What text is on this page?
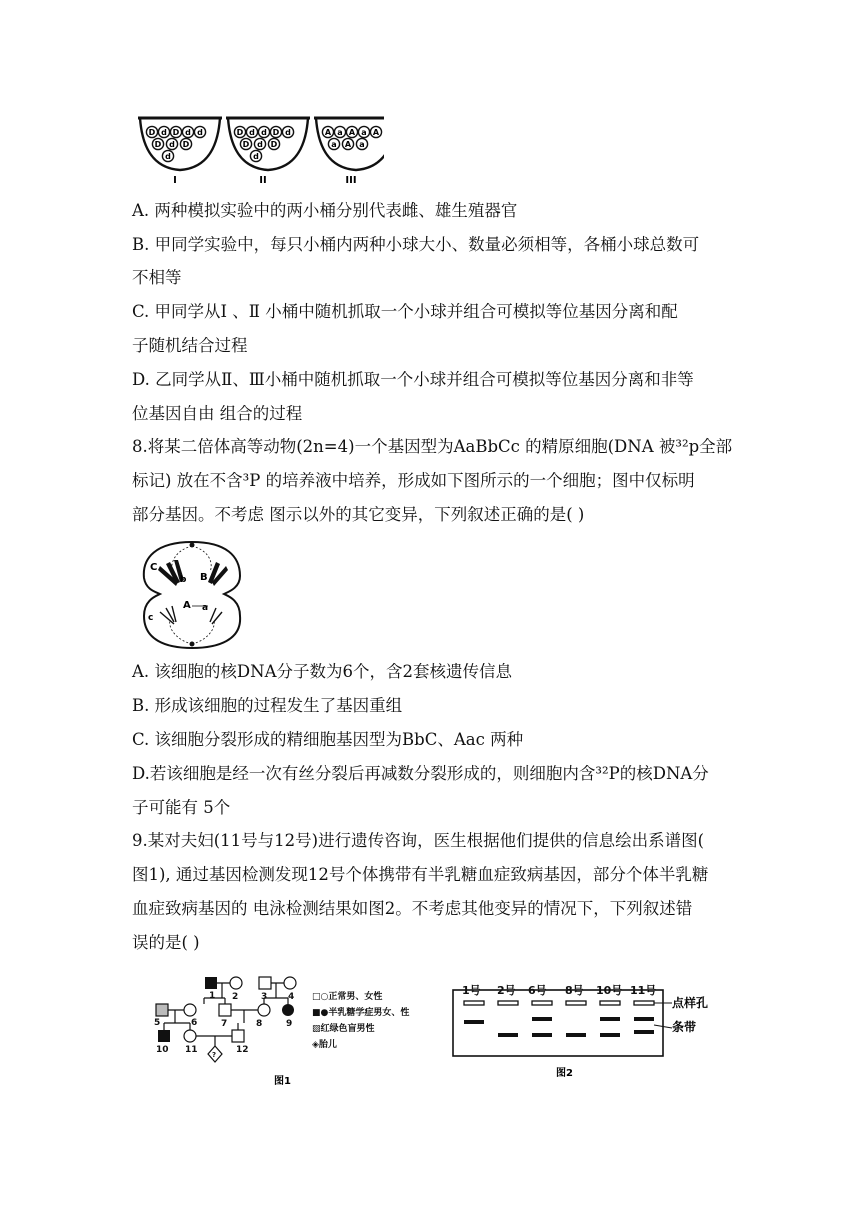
D d D d d
D d D
d
D d d D d
D d D
d
A a A a A
a A a
I	II	III
A. 两种模拟实验中的两小桶分别代表雌、雄生殖器官
B. 甲同学实验中，每只小桶内两种小球大小、数量必须相等，各桶小球总数可
不相等
C. 甲同学从Ⅰ 、Ⅱ 小桶中随机抓取一个小球并组合可模拟等位基因分离和配
子随机结合过程
D. 乙同学从Ⅱ、Ⅲ小桶中随机抓取一个小球并组合可模拟等位基因分离和非等
位基因自由 组合的过程
8.将某二倍体高等动物(2n=4)一个基因型为AaBbCc 的精原细胞(DNA 被³²p全部
标记) 放在不含³P 的培养液中培养，形成如下图所示的一个细胞；图中仅标明
部分基因。不考虑 图示以外的其它变异，下列叙述正确的是( )
C
b B
A a
c
A. 该细胞的核DNA分子数为6个，含2套核遗传信息
B. 形成该细胞的过程发生了基因重组
C. 该细胞分裂形成的精细胞基因型为BbC、Aac 两种
D.若该细胞是经一次有丝分裂后再减数分裂形成的，则细胞内含³²P的核DNA分
子可能有 5个
9.某对夫妇(11号与12号)进行遗传咨询，医生根据他们提供的信息绘出系谱图(
图1), 通过基因检测发现12号个体携带有半乳糖血症致病基因，部分个体半乳糖
血症致病基因的 电泳检测结果如图2。不考虑其他变异的情况下，下列叙述错
误的是( )
1 2	3 4
5	6	7	8	9
10 11	12
?
□○正常男、女性
■●半乳糖学症男女、性
▨红绿色盲男性
◈胎儿
图1
1号 2号 6号 8号 10号 11号
点样孔
条带
图2
